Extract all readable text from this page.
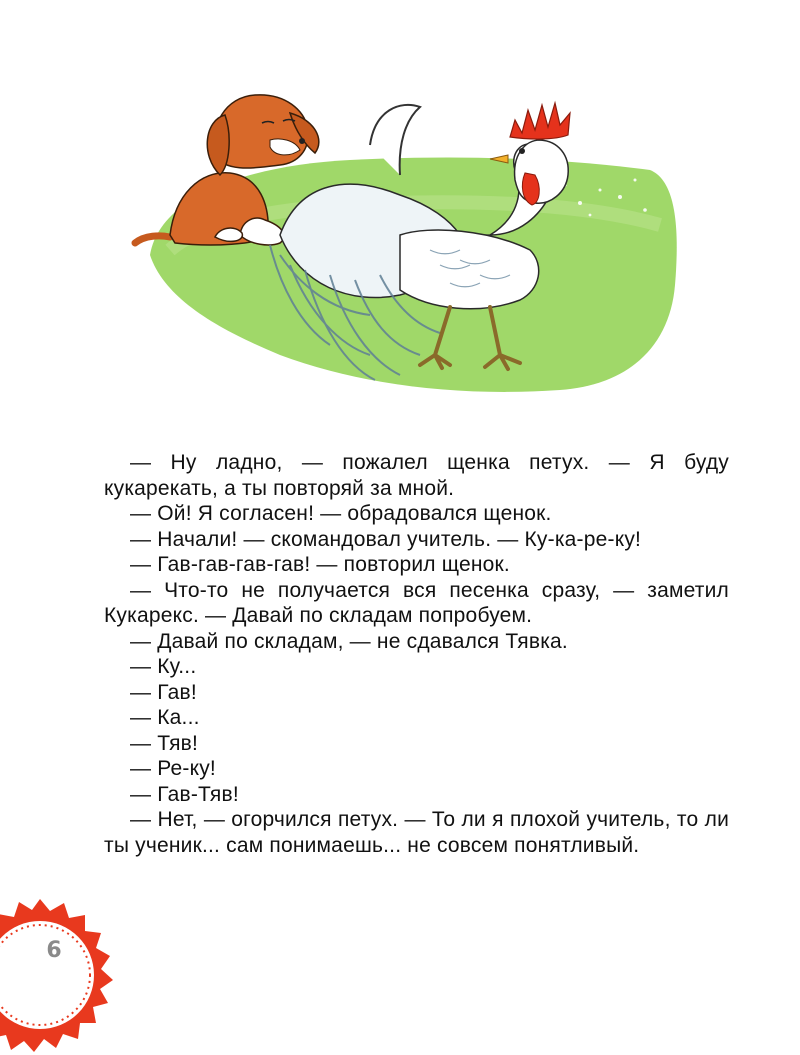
— Ну ладно, — пожалел щенка петух. — Я буду кукарекать, а ты повторяй за мной.

— Ой! Я согласен! — обрадовался щенок.

— Начали! — скомандовал учитель. — Ку-ка-ре-ку!

— Гав-гав-гав-гав! — повторил щенок.

— Что-то не получается вся песенка сразу, — заметил Кукарекс. — Давай по складам попробуем.

— Давай по складам, — не сдавался Тявка.

— Ку...

— Гав!

— Ка...

— Тяв!

— Ре-ку!

— Гав-Тяв!

— Нет, — огорчился петух. — То ли я плохой учитель, то ли ты ученик... сам понимаешь... не совсем понятливый.

6
